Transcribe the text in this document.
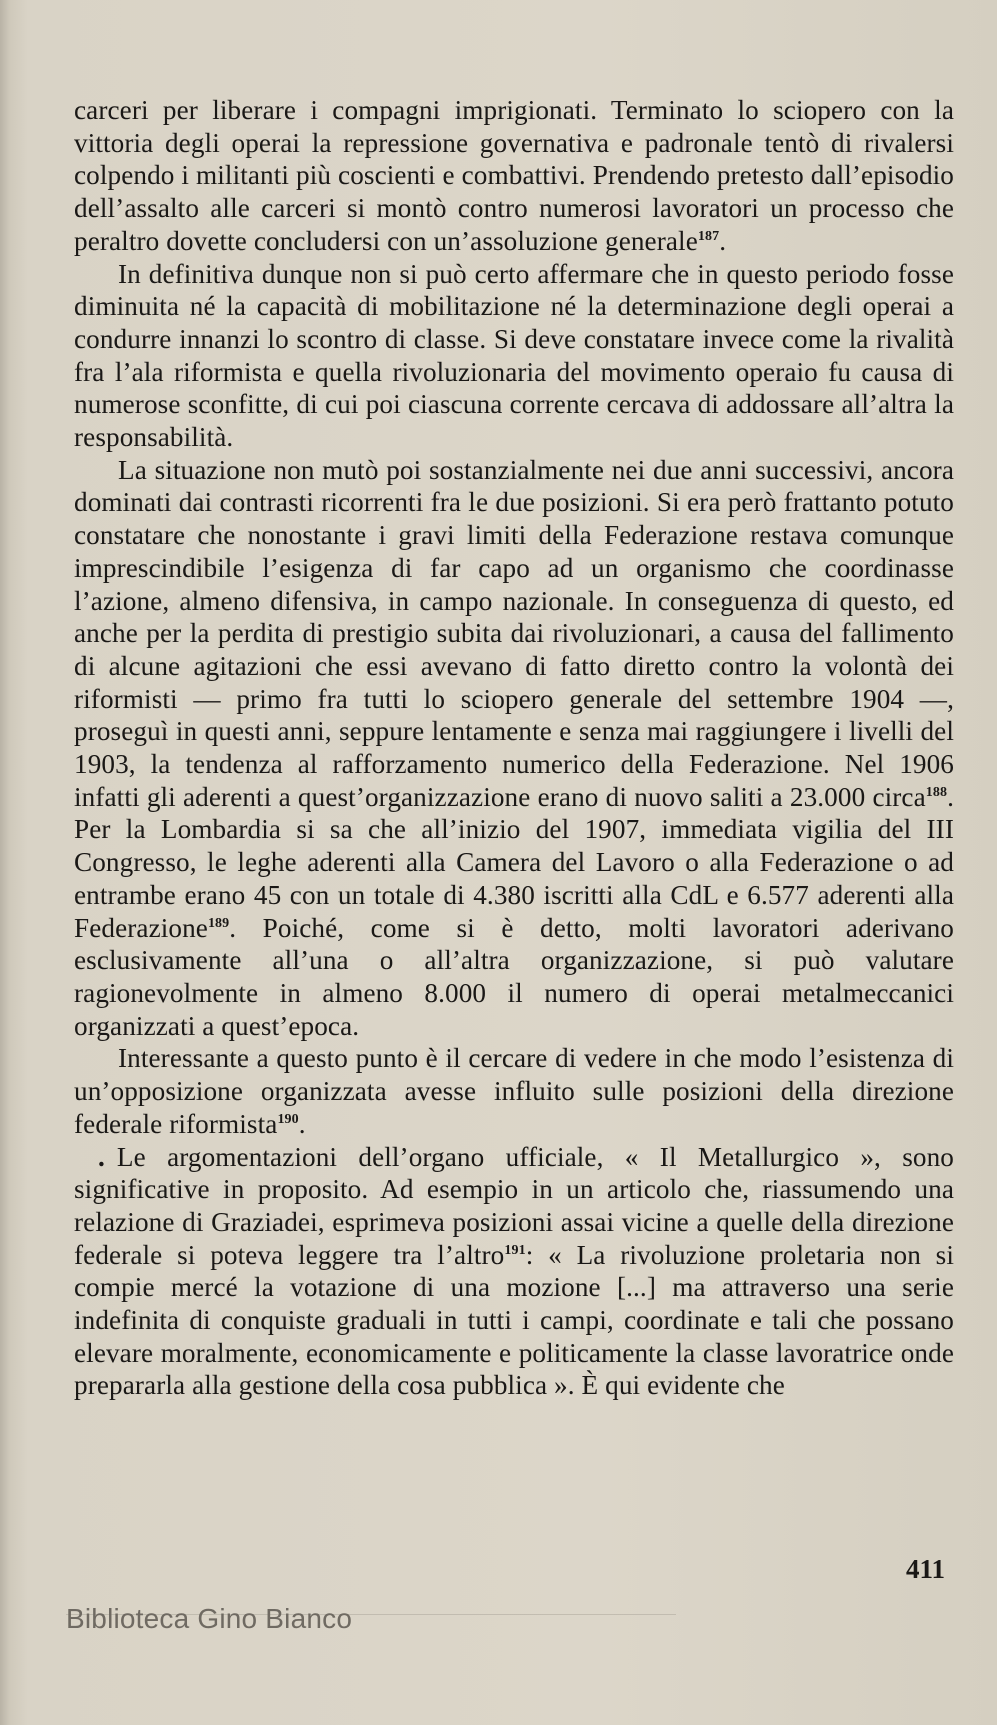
carceri per liberare i compagni imprigionati. Terminato lo sciopero con la vittoria degli operai la repressione governativa e padronale tentò di rivalersi colpendo i militanti più coscienti e combattivi. Prendendo pretesto dall’episodio dell’assalto alle carceri si montò contro numerosi lavoratori un processo che peraltro dovette concludersi con un’assoluzione generale$^{187}$.

In definitiva dunque non si può certo affermare che in questo periodo fosse diminuita né la capacità di mobilitazione né la determinazione degli operai a condurre innanzi lo scontro di classe. Si deve constatare invece come la rivalità fra l’ala riformista e quella rivoluzionaria del movimento operaio fu causa di numerose sconfitte, di cui poi ciascuna corrente cercava di addossare all’altra la responsabilità.

La situazione non mutò poi sostanzialmente nei due anni successivi, ancora dominati dai contrasti ricorrenti fra le due posizioni. Si era però frattanto potuto constatare che nonostante i gravi limiti della Federazione restava comunque imprescindibile l’esigenza di far capo ad un organismo che coordinasse l’azione, almeno difensiva, in campo nazionale. In conseguenza di questo, ed anche per la perdita di prestigio subita dai rivoluzionari, a causa del fallimento di alcune agitazioni che essi avevano di fatto diretto contro la volontà dei riformisti — primo fra tutti lo sciopero generale del settembre 1904 —, proseguì in questi anni, seppure lentamente e senza mai raggiungere i livelli del 1903, la tendenza al rafforzamento numerico della Federazione. Nel 1906 infatti gli aderenti a quest’organizzazione erano di nuovo saliti a 23.000 circa$^{188}$. Per la Lombardia si sa che all’inizio del 1907, immediata vigilia del III Congresso, le leghe aderenti alla Camera del Lavoro o alla Federazione o ad entrambe erano 45 con un totale di 4.380 iscritti alla CdL e 6.577 aderenti alla Federazione$^{189}$. Poiché, come si è detto, molti lavoratori aderivano esclusivamente all’una o all’altra organizzazione, si può valutare ragionevolmente in almeno 8.000 il numero di operai metalmeccanici organizzati a quest’epoca.

Interessante a questo punto è il cercare di vedere in che modo l’esistenza di un’opposizione organizzata avesse influito sulle posizioni della direzione federale riformista$^{190}$.

. Le argomentazioni dell’organo ufficiale, « Il Metallurgico », sono significative in proposito. Ad esempio in un articolo che, riassumendo una relazione di Graziadei, esprimeva posizioni assai vicine a quelle della direzione federale si poteva leggere tra l’altro$^{191}$: « La rivoluzione proletaria non si compie mercé la votazione di una mozione [...] ma attraverso una serie indefinita di conquiste graduali in tutti i campi, coordinate e tali che possano elevare moralmente, economicamente e politicamente la classe lavoratrice onde prepararla alla gestione della cosa pubblica ». È qui evidente che

411
Biblioteca Gino Bianco
